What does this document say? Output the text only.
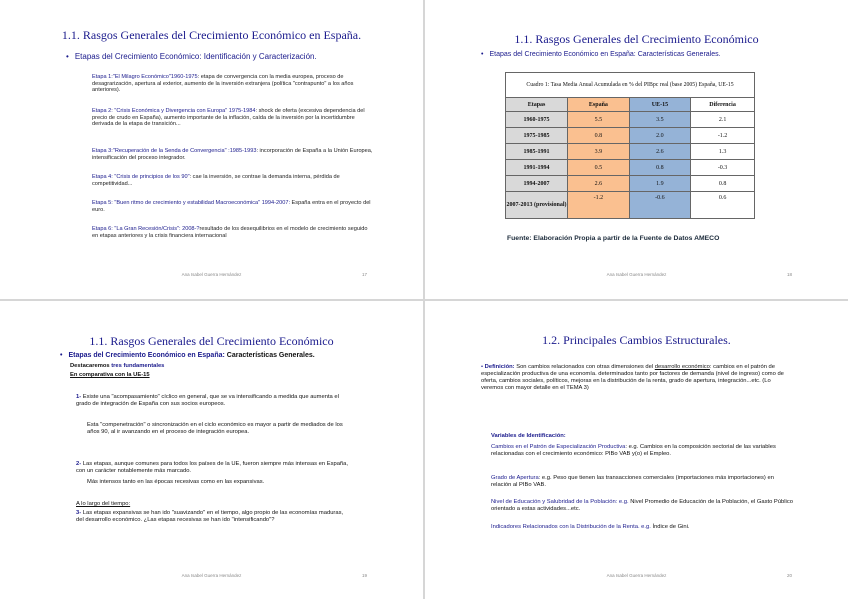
1.1. Rasgos Generales del Crecimiento Económico en España.
• Etapas del Crecimiento Económico: Identificación y Caracterización.
Etapa 1:"El Milagro Económico"1960-1975: etapa de convergencia con la media europea, proceso de desagrarización, apertura al exterior, aumento de la inversión extranjera (política "contrapunto" a los años anteriores).
Etapa 2: "Crisis Económica y Divergencia con Europa" 1975-1984: shock de oferta (excesiva dependencia del precio de crudo en España), aumento importante de la inflación, caída de la inversión por la incertidumbre derivada de la etapa de transición...
Etapa 3:"Recuperación de la Senda de Convergencia" :1985-1993: incorporación de España a la Unión Europea, intensificación del proceso integrador.
Etapa 4: "Crisis de principios de los 90": cae la inversión, se contrae la demanda interna, pérdida de competitividad...
Etapa 5: "Buen ritmo de crecimiento y estabilidad Macroeconómica" 1994-2007: España entra en el proyecto del euro.
Etapa 6: "La Gran Recesión/Crisis": 2008-?resultado de los desequilibrios en el modelo de crecimiento seguido en etapas anteriores y la crisis financiera internacional
Ana Isabel Guerra Hernández	17
1.1. Rasgos Generales del Crecimiento Económico
• Etapas del Crecimiento Económico en España: Características Generales.
Cuadro 1: Tasa Media Anual Acumulada en % del PIBpc real (base 2005) España, UE-15			
Etapas	España	UE-15	Diferencia
1960-1975	5.5	3.5	2.1
1975-1985	0.8	2.0	-1.2
1985-1991	3.9	2.6	1.3
1991-1994	0.5	0.8	-0.3
1994-2007	2.6	1.9	0.8
2007-2013 (provisional)	-1.2	-0.6	0.6
Fuente: Elaboración Propia a partir de la Fuente de Datos AMECO
Ana Isabel Guerra Hernández	18
1.1. Rasgos Generales del Crecimiento Económico
• Etapas del Crecimiento Económico en España: Características Generales.
Destacaremos tres fundamentales
En comparativa con la UE-15
1- Existe una "acompasamiento" cíclico en general, que se va intensificando a medida que aumenta el grado de integración de España con sus socios europeos.
Esta "compenetración" o sincronización en el ciclo económico es mayor a partir de mediados de los años 90, al ir avanzando en el proceso de integración europea.
2- Las etapas, aunque comunes para todos los países de la UE, fueron siempre más intensas en España, con un carácter notablemente más marcado.
Más intensos tanto en las épocas recesivas como en las expansivas.
A lo largo del tiempo:
3- Las etapas expansivas se han ido "suavizando" en el tiempo, algo propio de las economías maduras, del desarrollo económico. ¿Las etapas recesivas se han ido "intensificando"?
Ana Isabel Guerra Hernández	19
1.2. Principales Cambios Estructurales.
• Definición: Son cambios relacionados con otras dimensiones del desarrollo económico: cambios en el patrón de especialización productiva de una economía. determinados tanto por factores de demanda (nivel de ingreso) como de oferta, cambios sociales, políticos, mejoras en la distribución de la renta, grado de apertura, integración...etc. (Lo veremos con mayor detalle en el TEMA 3)
Variables de Identificación:
Cambios en el Patrón de Especialización Productiva: e.g. Cambios en la composición sectorial de las variables relacionadas con el crecimiento económico: PIBo VAB y(o) el Empleo.
Grado de Apertura: e.g. Peso que tienen las transacciones comerciales (importaciones más importaciones) en relación al PIBo VAB.
Nivel de Educación y Salubridad de la Población: e.g. Nivel Promedio de Educación de la Población, el Gasto Público orientado a estas actividades...etc.
Indicadores Relacionados con la Distribución de la Renta. e.g. Índice de Gini.
Ana Isabel Guerra Hernández	20
